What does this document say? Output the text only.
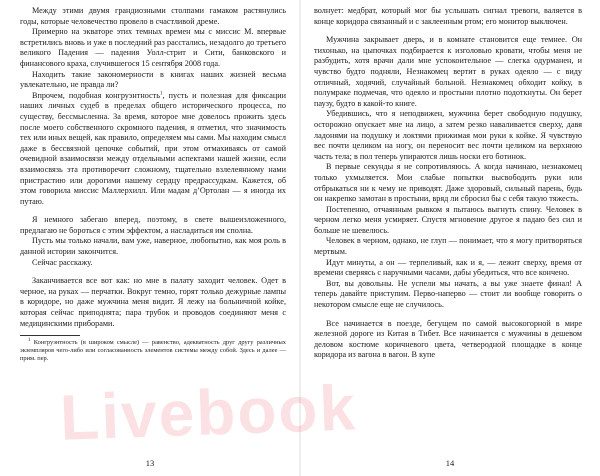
Между этими двумя грандиозными столпами гамаком растянулись годы, которые человечество провело в счастливой дреме.

Примерно на экваторе этих темных времен мы с миссис М. впервые встретились вновь и уже в последний раз расстались, незадолго до третьего великого Падения — падения Уолл-стрит и Сити, банковского и финансового краха, случившегося 15 сентября 2008 года.

Находить такие закономерности в книгах наших жизней весьма увлекательно, не правда ли?

Впрочем, подобная конгруэнтность$^1$, пусть и полезная для фиксации наших личных судеб в пределах общего исторического процесса, по существу, бессмысленна. За время, которое мне довелось прожить здесь после моего собственного скромного падения, я отметил, что значимость тех или иных вещей, как правило, определяем мы сами. Мы находим смысл даже в бессвязной цепочке событий, при этом отмахиваясь от самой очевидной взаимосвязи между отдельными аспектами нашей жизни, если взаимосвязь эта противоречит сложному, тщательно взлелеянному нами пристрастию или дорогими нашему сердцу предрассудкам. Кажется, об этом говорила миссис Маллерхилл. Или мадам д’Ортолан — я иногда их путаю.

Я немного забегаю вперед, поэтому, в свете вышеизложенного, предлагаю не бороться с этим эффектом, а насладиться им сполна.

Пусть мы только начали, вам уже, наверное, любопытно, как моя роль в данной истории закончится.

Сейчас расскажу.

Заканчивается все вот как: но мне в палату заходит человек. Одет в черное, на руках — перчатки. Вокруг темно, горят только дежурные лампы в коридоре, но даже мужчина меня видит. Я лежу на больничной койке, которая сейчас приподнята; пара трубок и проводов соединяют меня с медицинскими приборами.

$^1$ Конгруэнтность (в широком смысле) — равенство, адекватность друг другу различных экземпляров чего-либо или согласованность элементов системы между собой. Здесь и далее — прим. пер.

13

волнует: медбрат, который мог бы услышать сигнал тревоги, валяется в конце коридора связанный и с заклеенным ртом; его монитор выключен.

Мужчина закрывает дверь, и в комнате становится еще темнее. Он тихонько, на цыпочках подбирается к изголовью кровати, чтобы меня не разбудить, хотя врачи дали мне успокоительное — слегка одурманен, и чувство будто подняли, Незнакомец вертит в руках одеяло — с виду отличный, ходячий, случайный больной. Незнакомец обходит койку, в полумраке подмечая, что одеяло и простыни плотно подоткнуты. Он берет паузу, будто в какой-то книге.

Убедившись, что я неподвижен, мужчина берет свободную подушку, осторожно опускает мне на лицо, а затем резко наваливается сверху, давя ладонями на подушку и локтями прижимая мои руки к койке. Я чувствую вес почти целиком на ногу, он переносит вес почти целиком на верхнюю часть тела; в пол теперь упираются лишь носки его ботинок.

В первые секунды я не сопротивляюсь. А когда начинаю, незнакомец только ухмыляется. Мои слабые попытки высвободить руки или отбрыкаться ни к чему не приводят. Даже здоровый, сильный парень, будь он накрепко замотан в простыни, вряд ли сбросил бы с себя такую тяжесть.

Постепенно, отчаянным рывком я пытаюсь выгнуть спину. Человек в черном легко меня усмиряет. Спустя мгновение другое я падаю без сил и больше не шевелюсь.

Человек в черном, однако, не глуп — понимает, что я могу притворяться мертвым.

Идут минуты, а он — терпеливый, как и я, — лежит сверху, время от времени сверяясь с наручными часами, дабы убедиться, что все кончено.

Вот, вы довольны. Не успели мы начать, а вы уже знаете финал! А теперь давайте приступим. Перво-наперво — стоит ли вообще говорить о некотором смысле еще не случилось.

Все начинается в поезде, бегущем по самой высокогорной в мире железной дороге из Китая в Тибет. Все начинается с мужчины в дешевом деловом костюме коричневого цвета, четверодной площадке в конце коридора из вагона в вагон. В купе

14
Livebook
